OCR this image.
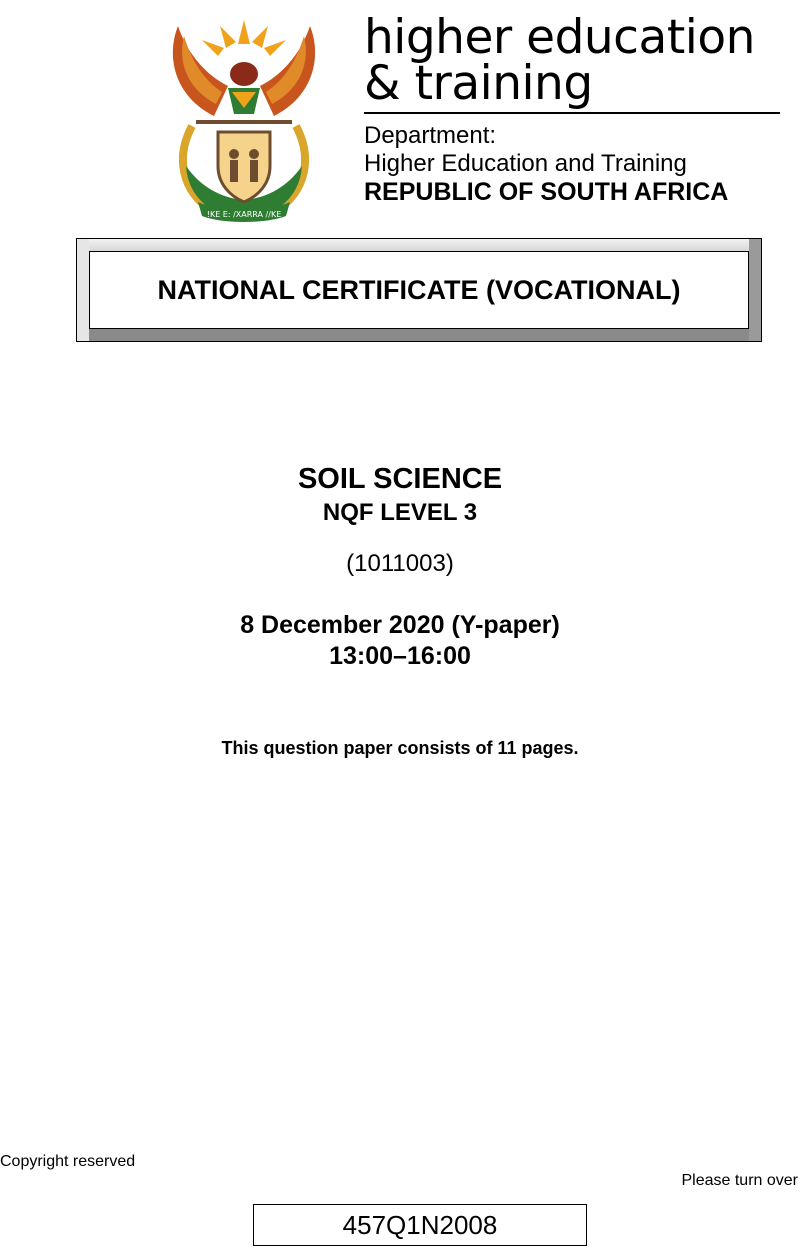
!KE E: /XARRA //KE
higher education
& training
Department:
Higher Education and Training
REPUBLIC OF SOUTH AFRICA
NATIONAL CERTIFICATE (VOCATIONAL)
SOIL SCIENCE
NQF LEVEL 3
(1011003)
8 December 2020 (Y-paper)
13:00–16:00
This question paper consists of 11 pages.
Copyright reserved
Please turn over
457Q1N2008
